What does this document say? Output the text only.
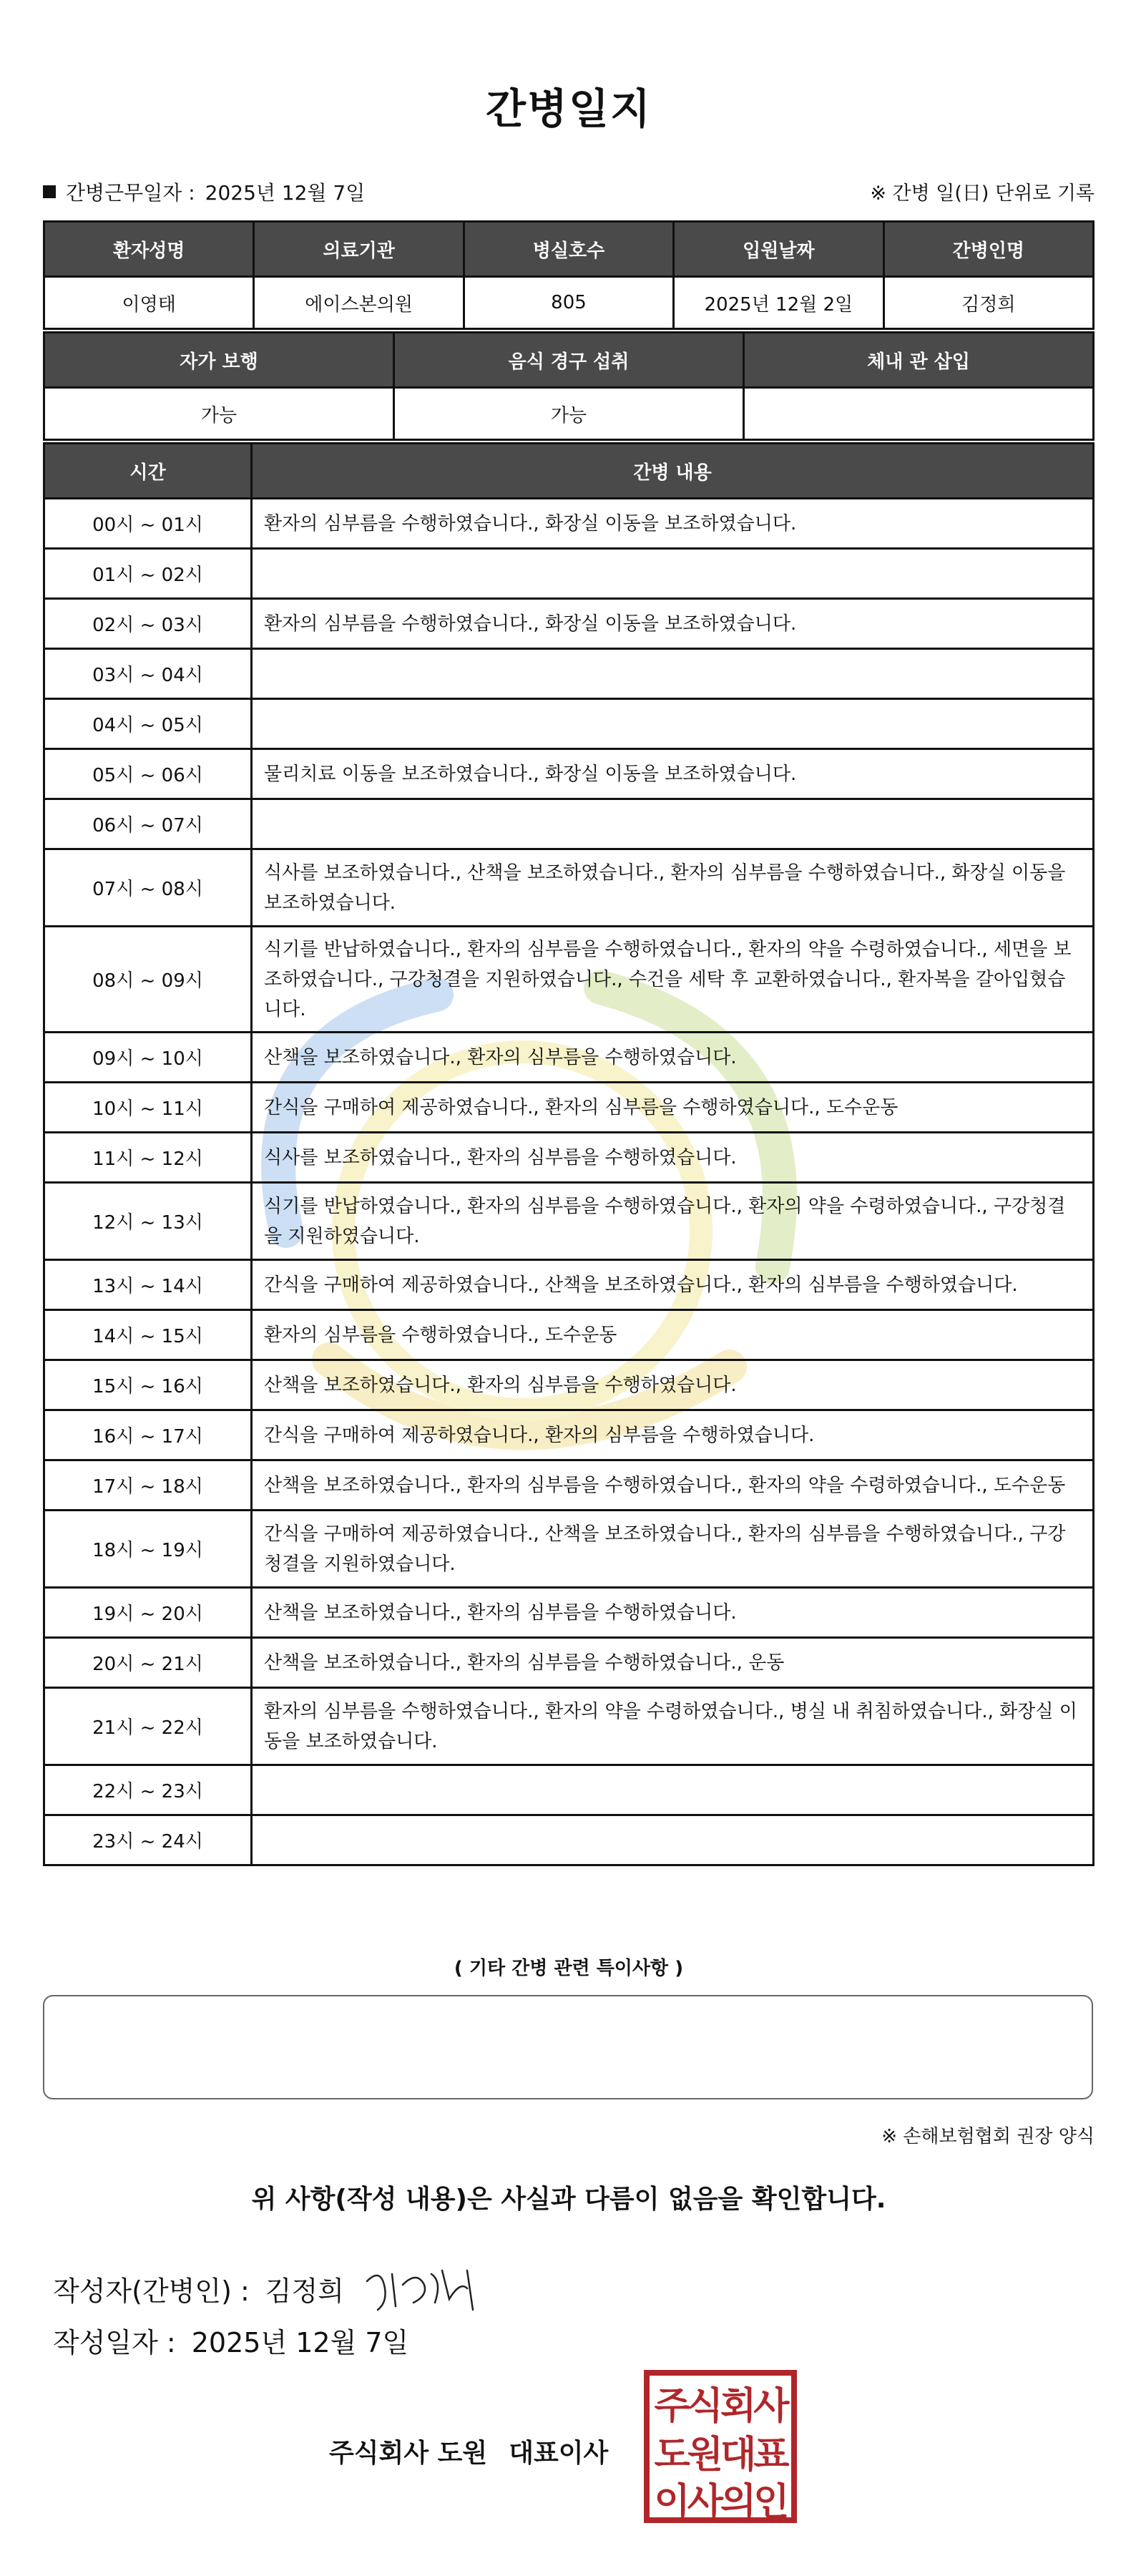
간병일지
간병근무일자 : 2025년 12월 7일	※ 간병 일(日) 단위로 기록
환자성명	의료기관	병실호수	입원날짜	간병인명
이영태	에이스본의원	805	2025년 12월 2일	김정희
자가 보행	음식 경구 섭취	체내 관 삽입
가능	가능	
시간	간병 내용
00시 ~ 01시	환자의 심부름을 수행하였습니다., 화장실 이동을 보조하였습니다.
01시 ~ 02시	
02시 ~ 03시	환자의 심부름을 수행하였습니다., 화장실 이동을 보조하였습니다.
03시 ~ 04시	
04시 ~ 05시	
05시 ~ 06시	물리치료 이동을 보조하였습니다., 화장실 이동을 보조하였습니다.
06시 ~ 07시	
07시 ~ 08시	식사를 보조하였습니다., 산책을 보조하였습니다., 환자의 심부름을 수행하였습니다., 화장실 이동을 보조하였습니다.
08시 ~ 09시	식기를 반납하였습니다., 환자의 심부름을 수행하였습니다., 환자의 약을 수령하였습니다., 세면을 보조하였습니다., 구강청결을 지원하였습니다., 수건을 세탁 후 교환하였습니다., 환자복을 갈아입혔습니다.
09시 ~ 10시	산책을 보조하였습니다., 환자의 심부름을 수행하였습니다.
10시 ~ 11시	간식을 구매하여 제공하였습니다., 환자의 심부름을 수행하였습니다., 도수운동
11시 ~ 12시	식사를 보조하였습니다., 환자의 심부름을 수행하였습니다.
12시 ~ 13시	식기를 반납하였습니다., 환자의 심부름을 수행하였습니다., 환자의 약을 수령하였습니다., 구강청결을 지원하였습니다.
13시 ~ 14시	간식을 구매하여 제공하였습니다., 산책을 보조하였습니다., 환자의 심부름을 수행하였습니다.
14시 ~ 15시	환자의 심부름을 수행하였습니다., 도수운동
15시 ~ 16시	산책을 보조하였습니다., 환자의 심부름을 수행하였습니다.
16시 ~ 17시	간식을 구매하여 제공하였습니다., 환자의 심부름을 수행하였습니다.
17시 ~ 18시	산책을 보조하였습니다., 환자의 심부름을 수행하였습니다., 환자의 약을 수령하였습니다., 도수운동
18시 ~ 19시	간식을 구매하여 제공하였습니다., 산책을 보조하였습니다., 환자의 심부름을 수행하였습니다., 구강청결을 지원하였습니다.
19시 ~ 20시	산책을 보조하였습니다., 환자의 심부름을 수행하였습니다.
20시 ~ 21시	산책을 보조하였습니다., 환자의 심부름을 수행하였습니다., 운동
21시 ~ 22시	환자의 심부름을 수행하였습니다., 환자의 약을 수령하였습니다., 병실 내 취침하였습니다., 화장실 이동을 보조하였습니다.
22시 ~ 23시	
23시 ~ 24시	
( 기타 간병 관련 특이사항 )
※ 손해보험협회 권장 양식
위 사항(작성 내용)은 사실과 다름이 없음을 확인합니다.
작성자(간병인) : 김정희
작성일자 : 2025년 12월 7일
주식회사 도원 대표이사
주식회사
도원대표
이사의인
